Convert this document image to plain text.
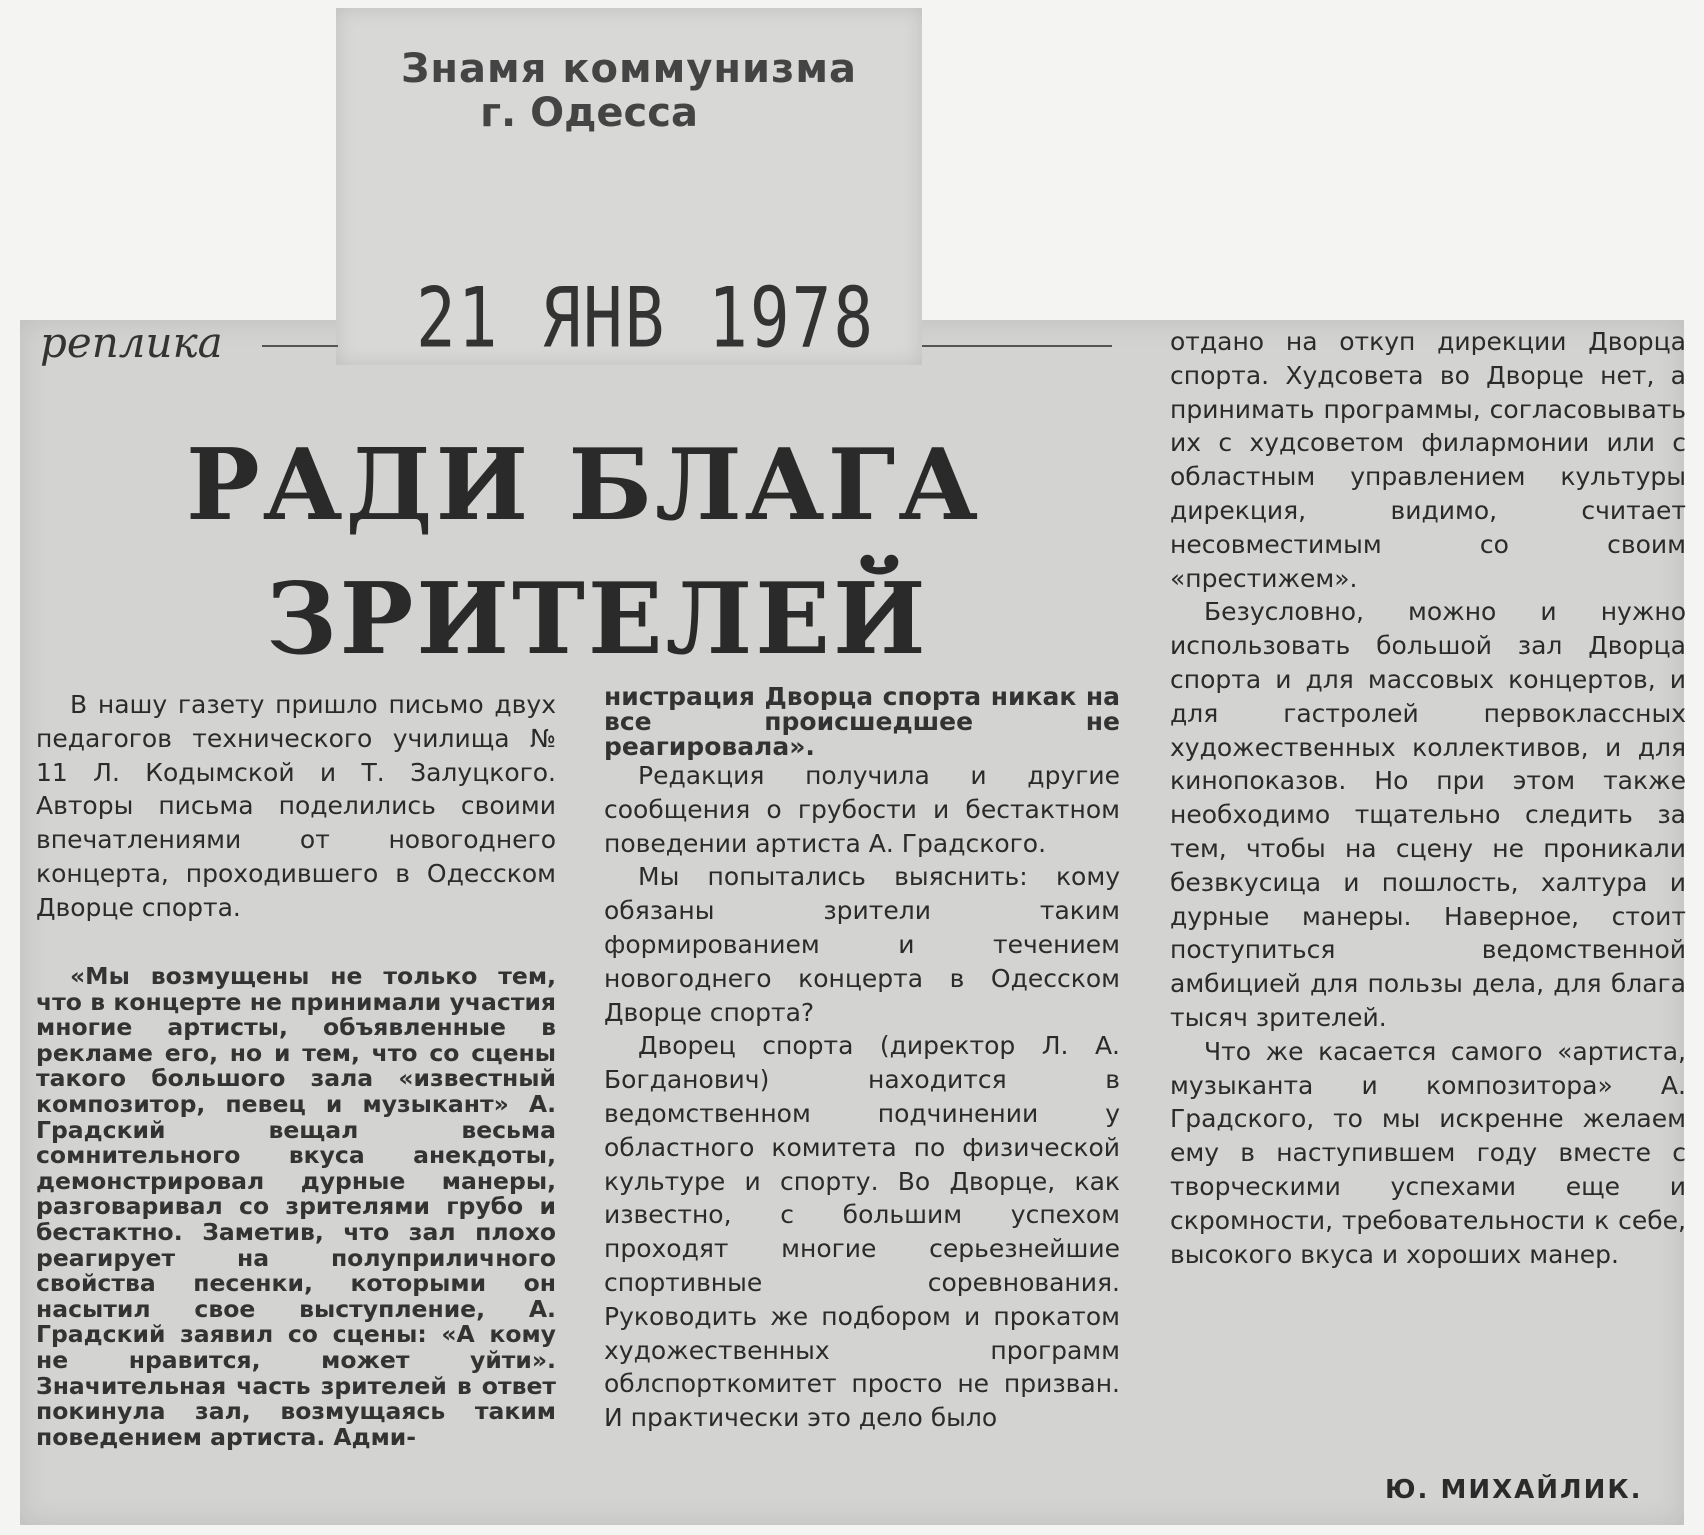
Знамя коммунизма
г. Одесса
21 ЯНВ 1978
реплика
РАДИ БЛАГА
ЗРИТЕЛЕЙ

В нашу газету пришло письмо двух педагогов технического училища № 11 Л. Кодымской и Т. Залуцкого. Авторы письма поделились своими впечатлениями от новогоднего концерта, проходившего в Одесском Дворце спорта.

«Мы возмущены не только тем, что в концерте не принимали участия многие артисты, объявленные в рекламе его, но и тем, что со сцены такого большого зала «известный композитор, певец и музыкант» А. Градский вещал весьма сомнительного вкуса анекдоты, демонстрировал дурные манеры, разговаривал со зрителями грубо и бестактно. Заметив, что зал плохо реагирует на полуприличного свойства песенки, которыми он насытил свое выступление, А. Градский заявил со сцены: «А кому не нравится, может уйти». Значительная часть зрителей в ответ покинула зал, возмущаясь таким поведением артиста. Адми-

нистрация Дворца спорта никак на все происшедшее не реагировала».

Редакция получила и другие сообщения о грубости и бестактном поведении артиста А. Градского.

Мы попытались выяснить: кому обязаны зрители таким формированием и течением новогоднего концерта в Одесском Дворце спорта?

Дворец спорта (директор Л. А. Богданович) находится в ведомственном подчинении у областного комитета по физической культуре и спорту. Во Дворце, как известно, с большим успехом проходят многие серьезнейшие спортивные соревнования. Руководить же подбором и прокатом художественных программ облспорткомитет просто не призван. И практически это дело было

отдано на откуп дирекции Дворца спорта. Худсовета во Дворце нет, а принимать программы, согласовывать их с худсоветом филармонии или с областным управлением культуры дирекция, видимо, считает несовместимым со своим «престижем».

Безусловно, можно и нужно использовать большой зал Дворца спорта и для массовых концертов, и для гастролей первоклассных художественных коллективов, и для кинопоказов. Но при этом также необходимо тщательно следить за тем, чтобы на сцену не проникали безвкусица и пошлость, халтура и дурные манеры. Наверное, стоит поступиться ведомственной амбицией для пользы дела, для блага тысяч зрителей.

Что же касается самого «артиста, музыканта и композитора» А. Градского, то мы искренне желаем ему в наступившем году вместе с творческими успехами еще и скромности, требовательности к себе, высокого вкуса и хороших манер.

Ю. МИХАЙЛИК.
